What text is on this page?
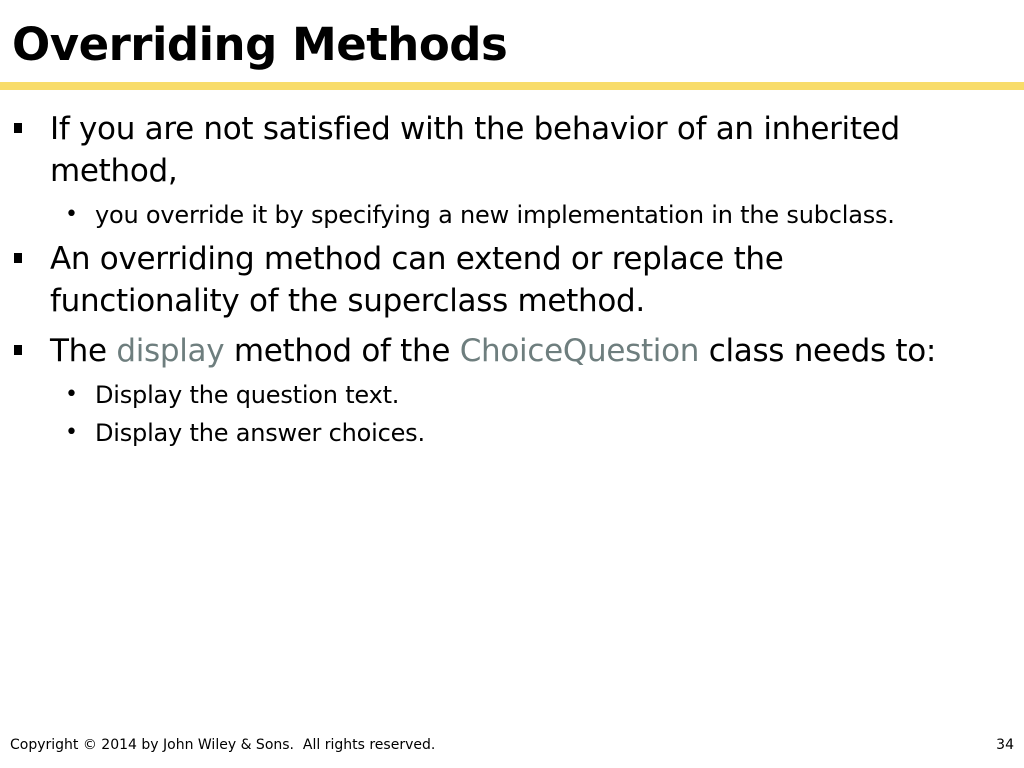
Overriding Methods
If you are not satisfied with the behavior of an inherited method,
• you override it by specifying a new implementation in the subclass.
An overriding method can extend or replace the functionality of the superclass method.
The display method of the ChoiceQuestion class needs to:
• Display the question text.
• Display the answer choices.
Copyright © 2014 by John Wiley & Sons.  All rights reserved.	34
